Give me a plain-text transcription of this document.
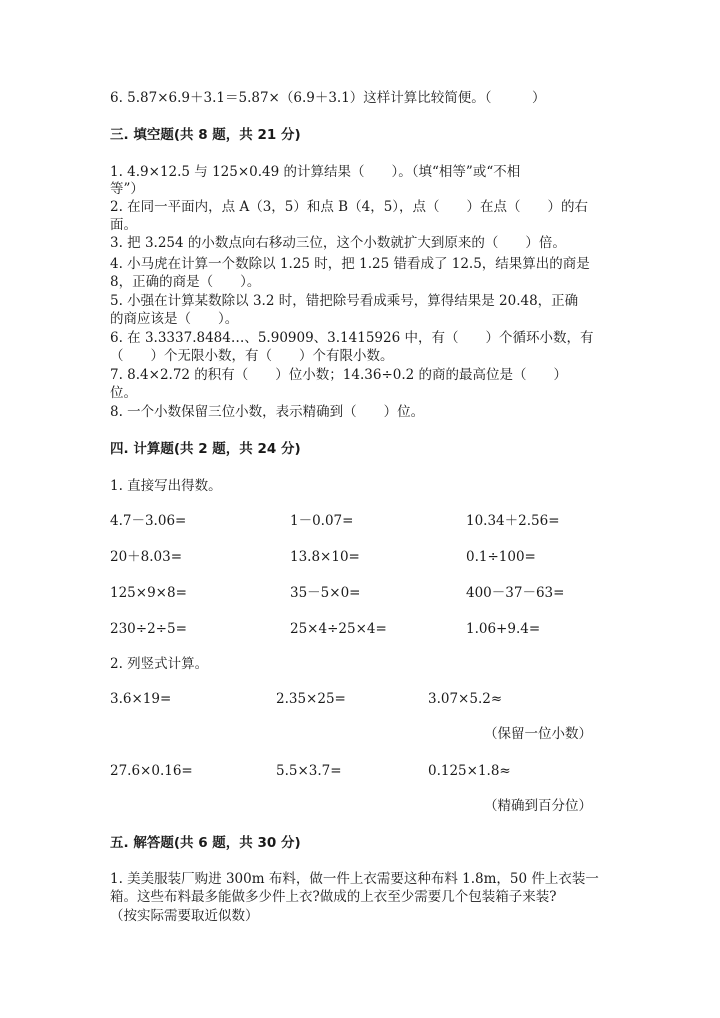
6. 5.87×6.9＋3.1＝5.87×（6.9＋3.1）这样计算比较简便。（　　　）
三. 填空题(共 8 题，共 21 分)
1. 4.9×12.5 与 125×0.49 的计算结果（　　）。（填“相等”或“不相
等”）
2. 在同一平面内，点 A（3，5）和点 B（4，5），点（　　）在点（　　）的右
面。
3. 把 3.254 的小数点向右移动三位，这个小数就扩大到原来的（　　）倍。
4. 小马虎在计算一个数除以 1.25 时，把 1.25 错看成了 12.5，结果算出的商是
8，正确的商是（　　）。
5. 小强在计算某数除以 3.2 时，错把除号看成乘号，算得结果是 20.48，正确
的商应该是（　　）。
6. 在 3.3337.8484…、5.90909、3.1415926 中，有（　　）个循环小数，有
（　　）个无限小数，有（　　）个有限小数。
7. 8.4×2.72 的积有（　　）位小数；14.36÷0.2 的商的最高位是（　　）
位。
8. 一个小数保留三位小数，表示精确到（　　）位。
四. 计算题(共 2 题，共 24 分)
1. 直接写出得数。
4.7－3.06=	1－0.07=	10.34＋2.56=
20＋8.03=	13.8×10=	0.1÷100=
125×9×8=	35－5×0=	400－37－63=
230÷2÷5=	25×4÷25×4=	1.06+9.4=
2. 列竖式计算。
3.6×19=	2.35×25=	3.07×5.2≈
（保留一位小数）
27.6×0.16=	5.5×3.7=	0.125×1.8≈
（精确到百分位）
五. 解答题(共 6 题，共 30 分)
1. 美美服装厂购进 300m 布料，做一件上衣需要这种布料 1.8m，50 件上衣装一
箱。这些布料最多能做多少件上衣?做成的上衣至少需要几个包装箱子来装?
（按实际需要取近似数）
